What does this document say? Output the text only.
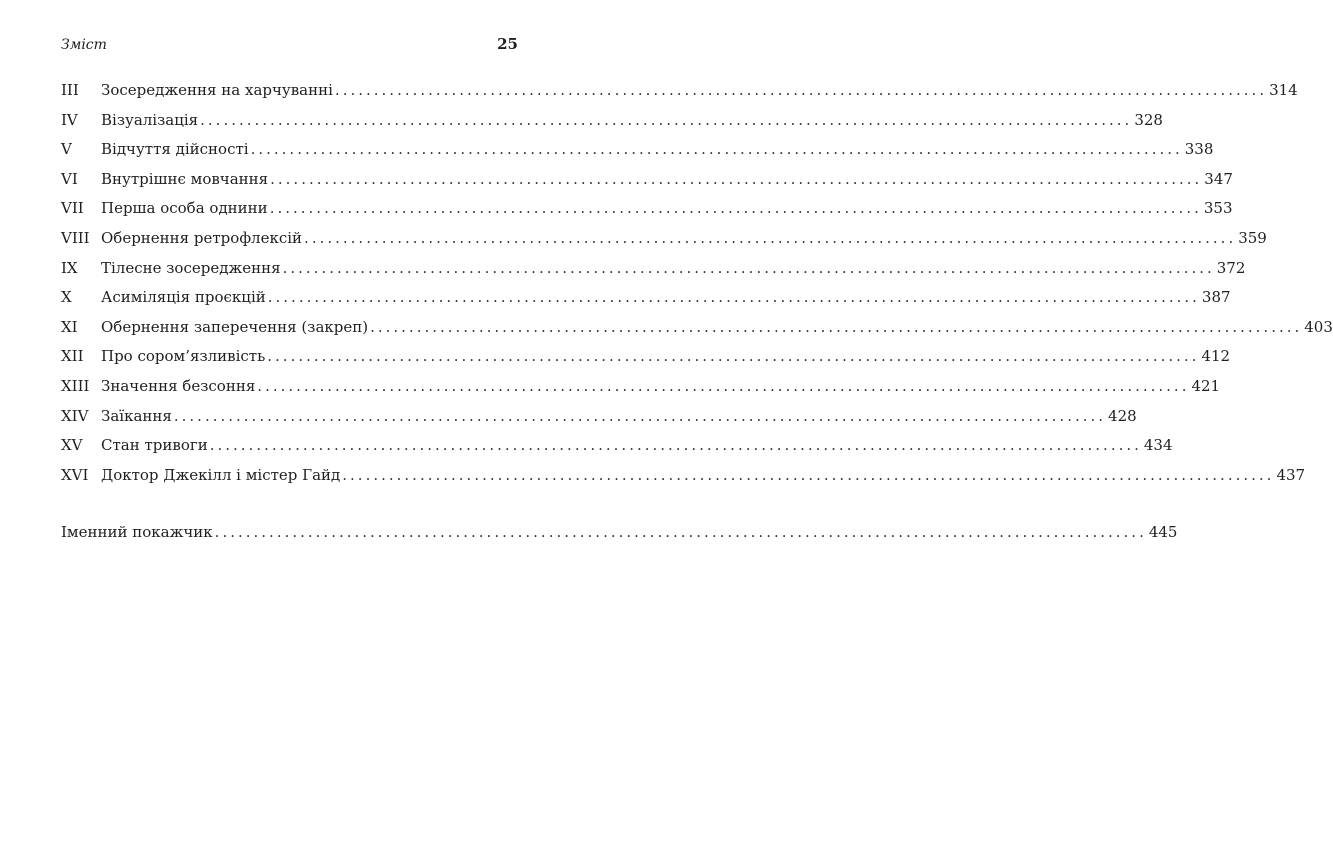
Зміст	25
III	Зосередження на харчуванні ........................................................................................................................ 314
IV	Візуалізація ........................................................................................................................ 328
V	Відчуття дійсності ........................................................................................................................ 338
VI	Внутрішнє мовчання ........................................................................................................................ 347
VII	Перша особа однини ........................................................................................................................ 353
VIII Обернення ретрофлексій ........................................................................................................................ 359
IX	Тілесне зосередження ........................................................................................................................ 372
X	Асиміляція проєкцій ........................................................................................................................ 387
XI	Обернення заперечення (закреп) ........................................................................................................................ 403
XII	Про сором’язливість ........................................................................................................................ 412
XIII Значення безсоння ........................................................................................................................ 421
XIV Заїкання ........................................................................................................................ 428
XV	Стан тривоги ........................................................................................................................ 434
XVI Доктор Джекілл і містер Гайд ........................................................................................................................ 437
Іменний покажчик ........................................................................................................................ 445
